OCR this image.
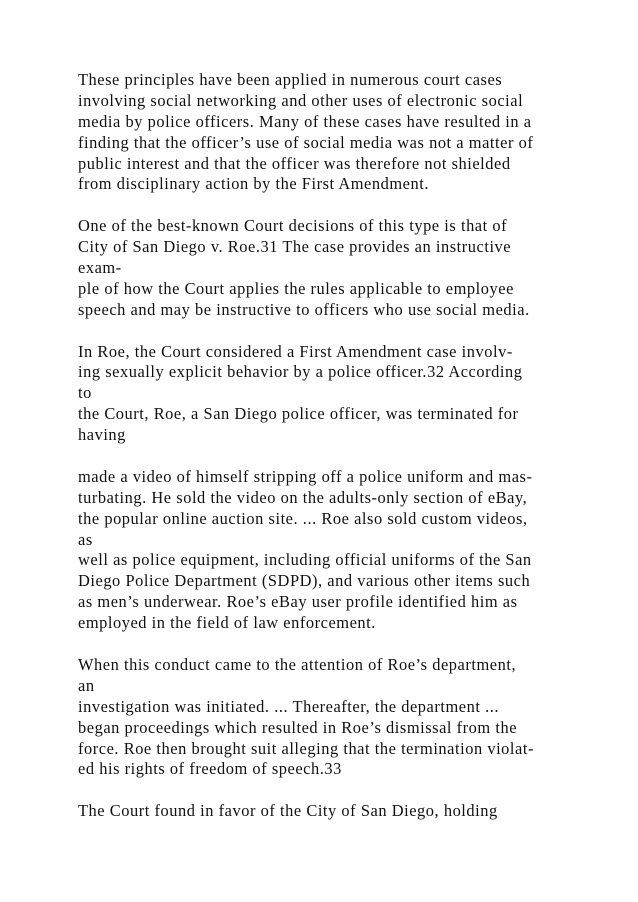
These principles have been applied in numerous court cases
involving social networking and other uses of electronic social
media by police officers. Many of these cases have resulted in a
finding that the officer’s use of social media was not a matter of
public interest and that the officer was therefore not shielded
from disciplinary action by the First Amendment.
One of the best-known Court decisions of this type is that of
City of San Diego v. Roe.31 The case provides an instructive
exam-
ple of how the Court applies the rules applicable to employee
speech and may be instructive to officers who use social media.
In Roe, the Court considered a First Amendment case involv-
ing sexually explicit behavior by a police officer.32 According
to
the Court, Roe, a San Diego police officer, was terminated for
having
made a video of himself stripping off a police uniform and mas-
turbating. He sold the video on the adults-only section of eBay,
the popular online auction site. ... Roe also sold custom videos,
as
well as police equipment, including official uniforms of the San
Diego Police Department (SDPD), and various other items such
as men’s underwear. Roe’s eBay user profile identified him as
employed in the field of law enforcement.
When this conduct came to the attention of Roe’s department,
an
investigation was initiated. ... Thereafter, the department ...
began proceedings which resulted in Roe’s dismissal from the
force. Roe then brought suit alleging that the termination violat-
ed his rights of freedom of speech.33
The Court found in favor of the City of San Diego, holding
